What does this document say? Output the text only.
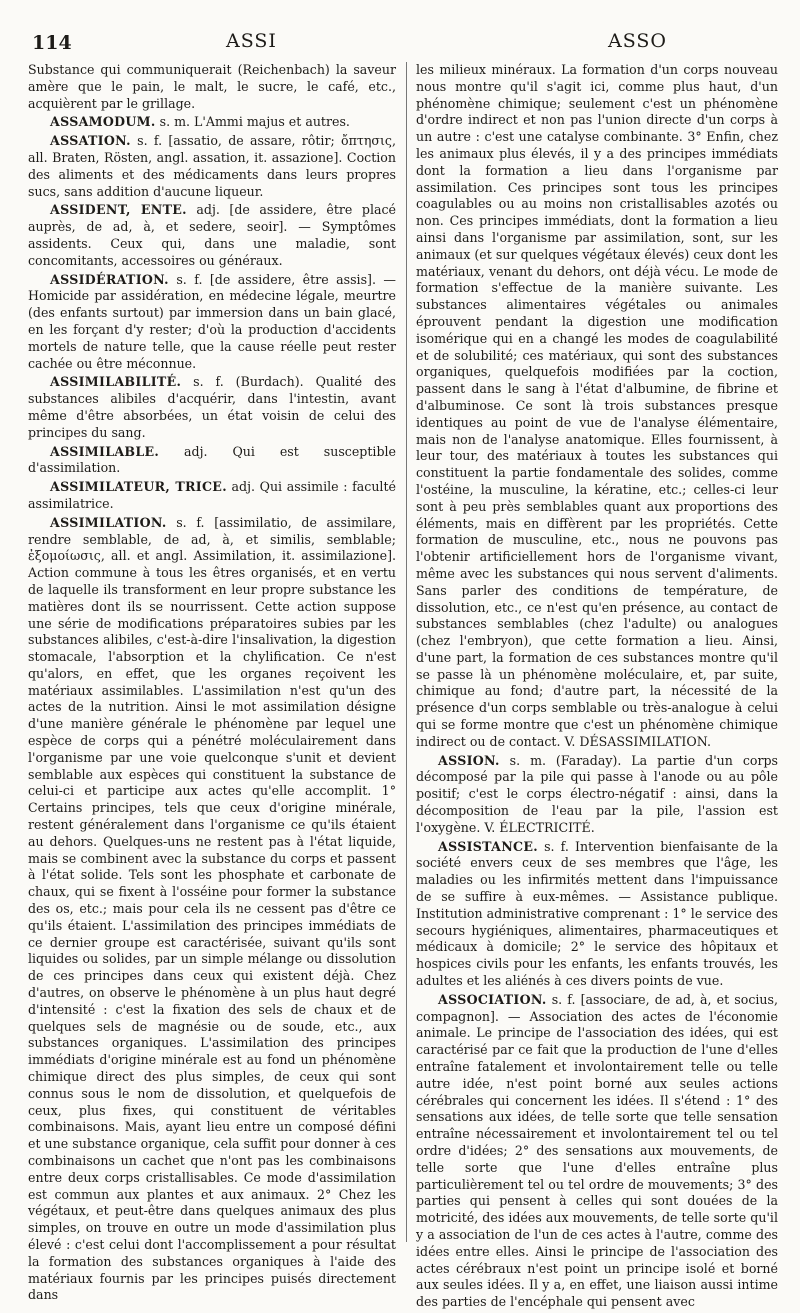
114	ASSI	ASSO

Substance qui communiquerait (Reichenbach) la saveur amère que le pain, le malt, le sucre, le café, etc., acquièrent par le grillage.

ASSAMODUM. s. m. L'Ammi majus et autres.

ASSATION. s. f. [assatio, de assare, rôtir; ὄπτησις, all. Braten, Rösten, angl. assation, it. assazione]. Coction des aliments et des médicaments dans leurs propres sucs, sans addition d'aucune liqueur.

ASSIDENT, ENTE. adj. [de assidere, être placé auprès, de ad, à, et sedere, seoir]. — Symptômes assidents. Ceux qui, dans une maladie, sont concomitants, accessoires ou généraux.

ASSIDÉRATION. s. f. [de assidere, être assis]. — Homicide par assidération, en médecine légale, meurtre (des enfants surtout) par immersion dans un bain glacé, en les forçant d'y rester; d'où la production d'accidents mortels de nature telle, que la cause réelle peut rester cachée ou être méconnue.

ASSIMILABILITÉ. s. f. (Burdach). Qualité des substances alibiles d'acquérir, dans l'intestin, avant même d'être absorbées, un état voisin de celui des principes du sang.

ASSIMILABLE. adj. Qui est susceptible d'assimilation.

ASSIMILATEUR, TRICE. adj. Qui assimile : faculté assimilatrice.

ASSIMILATION. s. f. [assimilatio, de assimilare, rendre semblable, de ad, à, et similis, semblable; ἐξομοίωσις, all. et angl. Assimilation, it. assimilazione]. Action commune à tous les êtres organisés, et en vertu de laquelle ils transforment en leur propre substance les matières dont ils se nourrissent. Cette action suppose une série de modifications préparatoires subies par les substances alibiles, c'est-à-dire l'insalivation, la digestion stomacale, l'absorption et la chylification. Ce n'est qu'alors, en effet, que les organes reçoivent les matériaux assimilables. L'assimilation n'est qu'un des actes de la nutrition. Ainsi le mot assimilation désigne d'une manière générale le phénomène par lequel une espèce de corps qui a pénétré moléculairement dans l'organisme par une voie quelconque s'unit et devient semblable aux espèces qui constituent la substance de celui-ci et participe aux actes qu'elle accomplit. 1° Certains principes, tels que ceux d'origine minérale, restent généralement dans l'organisme ce qu'ils étaient au dehors. Quelques-uns ne restent pas à l'état liquide, mais se combinent avec la substance du corps et passent à l'état solide. Tels sont les phosphate et carbonate de chaux, qui se fixent à l'osséine pour former la substance des os, etc.; mais pour cela ils ne cessent pas d'être ce qu'ils étaient. L'assimilation des principes immédiats de ce dernier groupe est caractérisée, suivant qu'ils sont liquides ou solides, par un simple mélange ou dissolution de ces principes dans ceux qui existent déjà. Chez d'autres, on observe le phénomène à un plus haut degré d'intensité : c'est la fixation des sels de chaux et de quelques sels de magnésie ou de soude, etc., aux substances organiques. L'assimilation des principes immédiats d'origine minérale est au fond un phénomène chimique direct des plus simples, de ceux qui sont connus sous le nom de dissolution, et quelquefois de ceux, plus fixes, qui constituent de véritables combinaisons. Mais, ayant lieu entre un composé défini et une substance organique, cela suffit pour donner à ces combinaisons un cachet que n'ont pas les combinaisons entre deux corps cristallisables. Ce mode d'assimilation est commun aux plantes et aux animaux. 2° Chez les végétaux, et peut-être dans quelques animaux des plus simples, on trouve en outre un mode d'assimilation plus élevé : c'est celui dont l'accomplissement a pour résultat la formation des substances organiques à l'aide des matériaux fournis par les principes puisés directement dans

les milieux minéraux. La formation d'un corps nouveau nous montre qu'il s'agit ici, comme plus haut, d'un phénomène chimique; seulement c'est un phénomène d'ordre indirect et non pas l'union directe d'un corps à un autre : c'est une catalyse combinante. 3° Enfin, chez les animaux plus élevés, il y a des principes immédiats dont la formation a lieu dans l'organisme par assimilation. Ces principes sont tous les principes coagulables ou au moins non cristallisables azotés ou non. Ces principes immédiats, dont la formation a lieu ainsi dans l'organisme par assimilation, sont, sur les animaux (et sur quelques végétaux élevés) ceux dont les matériaux, venant du dehors, ont déjà vécu. Le mode de formation s'effectue de la manière suivante. Les substances alimentaires végétales ou animales éprouvent pendant la digestion une modification isomérique qui en a changé les modes de coagulabilité et de solubilité; ces matériaux, qui sont des substances organiques, quelquefois modifiées par la coction, passent dans le sang à l'état d'albumine, de fibrine et d'albuminose. Ce sont là trois substances presque identiques au point de vue de l'analyse élémentaire, mais non de l'analyse anatomique. Elles fournissent, à leur tour, des matériaux à toutes les substances qui constituent la partie fondamentale des solides, comme l'ostéine, la musculine, la kératine, etc.; celles-ci leur sont à peu près semblables quant aux proportions des éléments, mais en diffèrent par les propriétés. Cette formation de musculine, etc., nous ne pouvons pas l'obtenir artificiellement hors de l'organisme vivant, même avec les substances qui nous servent d'aliments. Sans parler des conditions de température, de dissolution, etc., ce n'est qu'en présence, au contact de substances semblables (chez l'adulte) ou analogues (chez l'embryon), que cette formation a lieu. Ainsi, d'une part, la formation de ces substances montre qu'il se passe là un phénomène moléculaire, et, par suite, chimique au fond; d'autre part, la nécessité de la présence d'un corps semblable ou très-analogue à celui qui se forme montre que c'est un phénomène chimique indirect ou de contact. V. DÉSASSIMILATION.

ASSION. s. m. (Faraday). La partie d'un corps décomposé par la pile qui passe à l'anode ou au pôle positif; c'est le corps électro-négatif : ainsi, dans la décomposition de l'eau par la pile, l'assion est l'oxygène. V. ÉLECTRICITÉ.

ASSISTANCE. s. f. Intervention bienfaisante de la société envers ceux de ses membres que l'âge, les maladies ou les infirmités mettent dans l'impuissance de se suffire à eux-mêmes. — Assistance publique. Institution administrative comprenant : 1° le service des secours hygiéniques, alimentaires, pharmaceutiques et médicaux à domicile; 2° le service des hôpitaux et hospices civils pour les enfants, les enfants trouvés, les adultes et les aliénés à ces divers points de vue.

ASSOCIATION. s. f. [associare, de ad, à, et socius, compagnon]. — Association des actes de l'économie animale. Le principe de l'association des idées, qui est caractérisé par ce fait que la production de l'une d'elles entraîne fatalement et involontairement telle ou telle autre idée, n'est point borné aux seules actions cérébrales qui concernent les idées. Il s'étend : 1° des sensations aux idées, de telle sorte que telle sensation entraîne nécessairement et involontairement tel ou tel ordre d'idées; 2° des sensations aux mouvements, de telle sorte que l'une d'elles entraîne plus particulièrement tel ou tel ordre de mouvements; 3° des parties qui pensent à celles qui sont douées de la motricité, des idées aux mouvements, de telle sorte qu'il y a association de l'un de ces actes à l'autre, comme des idées entre elles. Ainsi le principe de l'association des actes cérébraux n'est point un principe isolé et borné aux seules idées. Il y a, en effet, une liaison aussi intime des parties de l'encéphale qui pensent avec
